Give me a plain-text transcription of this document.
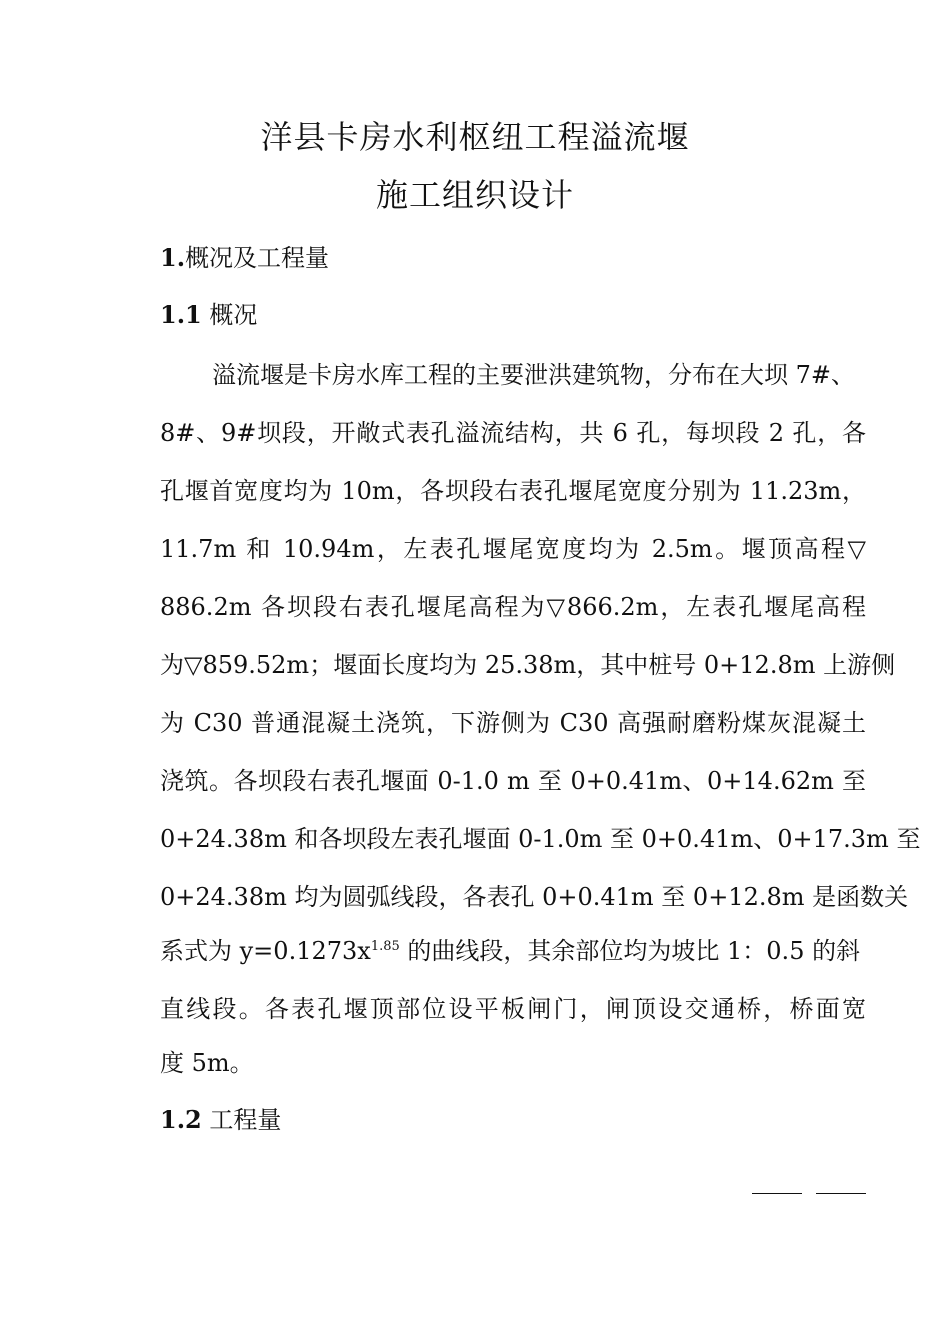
洋县卡房水利枢纽工程溢流堰
施工组织设计
1.概况及工程量
1.1 概况
溢流堰是卡房水库工程的主要泄洪建筑物，分布在大坝 7#、
8#、9#坝段，开敞式表孔溢流结构，共 6 孔，每坝段 2 孔，各
孔堰首宽度均为 10m，各坝段右表孔堰尾宽度分别为 11.23m，
11.7m 和 10.94m，左表孔堰尾宽度均为 2.5m。堰顶高程▽
886.2m 各坝段右表孔堰尾高程为▽866.2m，左表孔堰尾高程
为▽859.52m；堰面长度均为 25.38m，其中桩号 0+12.8m 上游侧
为 C30 普通混凝土浇筑，下游侧为 C30 高强耐磨粉煤灰混凝土
浇筑。各坝段右表孔堰面 0-1.0 m 至 0+0.41m、0+14.62m 至
0+24.38m 和各坝段左表孔堰面 0-1.0m 至 0+0.41m、0+17.3m 至
0+24.38m 均为圆弧线段，各表孔 0+0.41m 至 0+12.8m 是函数关
系式为 $y=0.1273x^{1.85}$ 的曲线段，其余部位均为坡比 1：0.5 的斜
直线段。各表孔堰顶部位设平板闸门，闸顶设交通桥，桥面宽
度 5m。
1.2 工程量
